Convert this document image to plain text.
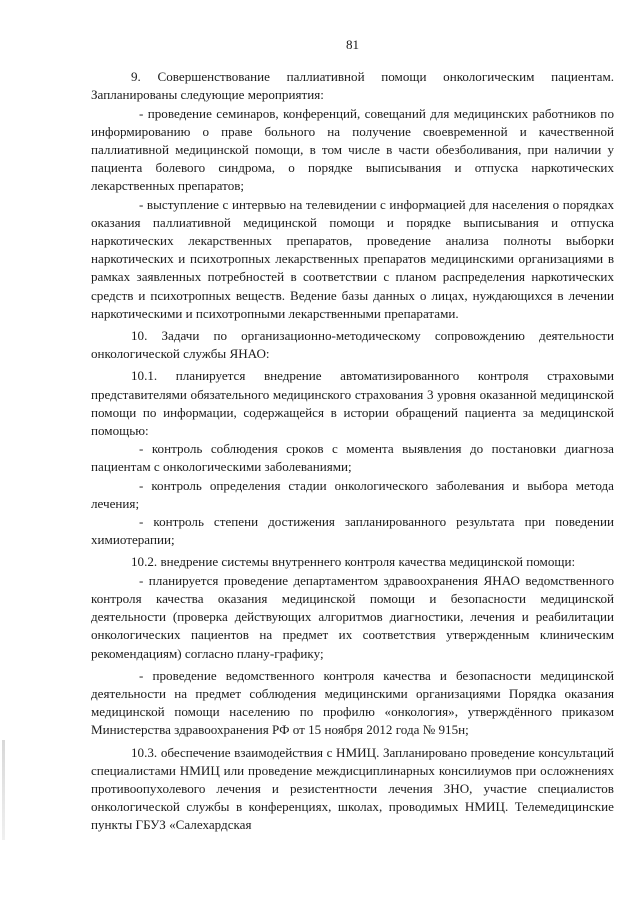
81

9. Совершенствование паллиативной помощи онкологическим пациентам. Запланированы следующие мероприятия:

- проведение семинаров, конференций, совещаний для медицинских работников по информированию о праве больного на получение своевременной и качественной паллиативной медицинской помощи, в том числе в части обезболивания, при наличии у пациента болевого синдрома, о порядке выписывания и отпуска наркотических лекарственных препаратов;

- выступление с интервью на телевидении с информацией для населения о порядках оказания паллиативной медицинской помощи и порядке выписывания и отпуска наркотических лекарственных препаратов, проведение анализа полноты выборки наркотических и психотропных лекарственных препаратов медицинскими организациями в рамках заявленных потребностей в соответствии с планом распределения наркотических средств и психотропных веществ. Ведение базы данных о лицах, нуждающихся в лечении наркотическими и психотропными лекарственными препаратами.

10. Задачи по организационно-методическому сопровождению деятельности онкологической службы ЯНАО:

10.1. планируется внедрение автоматизированного контроля страховыми представителями обязательного медицинского страхования 3 уровня оказанной медицинской помощи по информации, содержащейся в истории обращений пациента за медицинской помощью:

- контроль соблюдения сроков с момента выявления до постановки диагноза пациентам с онкологическими заболеваниями;

- контроль определения стадии онкологического заболевания и выбора метода лечения;

- контроль степени достижения запланированного результата при поведении химиотерапии;

10.2. внедрение системы внутреннего контроля качества медицинской помощи:

- планируется проведение департаментом здравоохранения ЯНАО ведомственного контроля качества оказания медицинской помощи и безопасности медицинской деятельности (проверка действующих алгоритмов диагностики, лечения и реабилитации онкологических пациентов на предмет их соответствия утвержденным клиническим рекомендациям) согласно плану-графику;

- проведение ведомственного контроля качества и безопасности медицинской деятельности на предмет соблюдения медицинскими организациями Порядка оказания медицинской помощи населению по профилю «онкология», утверждённого приказом Министерства здравоохранения РФ от 15 ноября 2012 года № 915н;

10.3. обеспечение взаимодействия с НМИЦ. Запланировано проведение консультаций специалистами НМИЦ или проведение междисциплинарных консилиумов при осложнениях противоопухолевого лечения и резистентности лечения ЗНО, участие специалистов онкологической службы в конференциях, школах, проводимых НМИЦ. Телемедицинские пункты ГБУЗ «Салехардская
